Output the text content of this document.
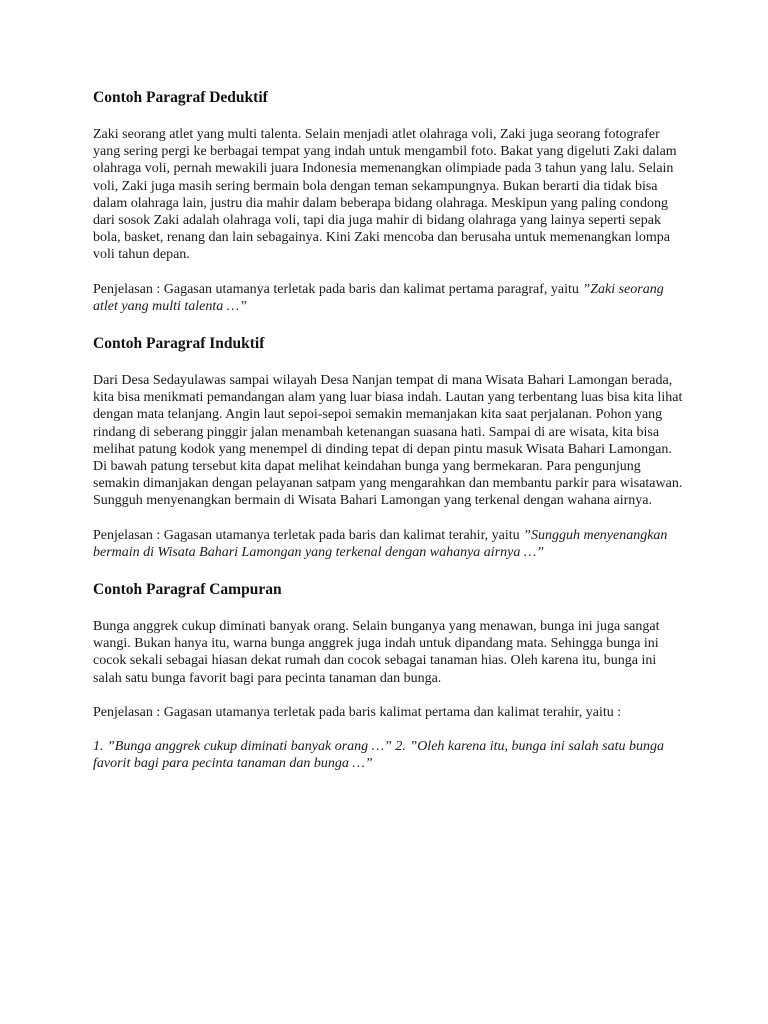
Contoh Paragraf Deduktif

Zaki seorang atlet yang multi talenta. Selain menjadi atlet olahraga voli, Zaki juga seorang fotografer yang sering pergi ke berbagai tempat yang indah untuk mengambil foto. Bakat yang digeluti Zaki dalam olahraga voli, pernah mewakili juara Indonesia memenangkan olimpiade pada 3 tahun yang lalu. Selain voli, Zaki juga masih sering bermain bola dengan teman sekampungnya. Bukan berarti dia tidak bisa dalam olahraga lain, justru dia mahir dalam beberapa bidang olahraga. Meskipun yang paling condong dari sosok Zaki adalah olahraga voli, tapi dia juga mahir di bidang olahraga yang lainya seperti sepak bola, basket, renang dan lain sebagainya. Kini Zaki mencoba dan berusaha untuk memenangkan lompa voli tahun depan.

Penjelasan : Gagasan utamanya terletak pada baris dan kalimat pertama paragraf, yaitu ”Zaki seorang atlet yang multi talenta …”

Contoh Paragraf Induktif

Dari Desa Sedayulawas sampai wilayah Desa Nanjan tempat di mana Wisata Bahari Lamongan berada, kita bisa menikmati pemandangan alam yang luar biasa indah. Lautan yang terbentang luas bisa kita lihat dengan mata telanjang. Angin laut sepoi-sepoi semakin memanjakan kita saat perjalanan. Pohon yang rindang di seberang pinggir jalan menambah ketenangan suasana hati. Sampai di are wisata, kita bisa melihat patung kodok yang menempel di dinding tepat di depan pintu masuk Wisata Bahari Lamongan. Di bawah patung tersebut kita dapat melihat keindahan bunga yang bermekaran. Para pengunjung semakin dimanjakan dengan pelayanan satpam yang mengarahkan dan membantu parkir para wisatawan. Sungguh menyenangkan bermain di Wisata Bahari Lamongan yang terkenal dengan wahana airnya.

Penjelasan : Gagasan utamanya terletak pada baris dan kalimat terahir, yaitu ”Sungguh menyenangkan bermain di Wisata Bahari Lamongan yang terkenal dengan wahanya airnya …”

Contoh Paragraf Campuran

Bunga anggrek cukup diminati banyak orang. Selain bunganya yang menawan, bunga ini juga sangat wangi. Bukan hanya itu, warna bunga anggrek juga indah untuk dipandang mata. Sehingga bunga ini cocok sekali sebagai hiasan dekat rumah dan cocok sebagai tanaman hias. Oleh karena itu, bunga ini salah satu bunga favorit bagi para pecinta tanaman dan bunga.

Penjelasan : Gagasan utamanya terletak pada baris kalimat pertama dan kalimat terahir, yaitu :

1. ”Bunga anggrek cukup diminati banyak orang …” 2. ”Oleh karena itu, bunga ini salah satu bunga favorit bagi para pecinta tanaman dan bunga …”
